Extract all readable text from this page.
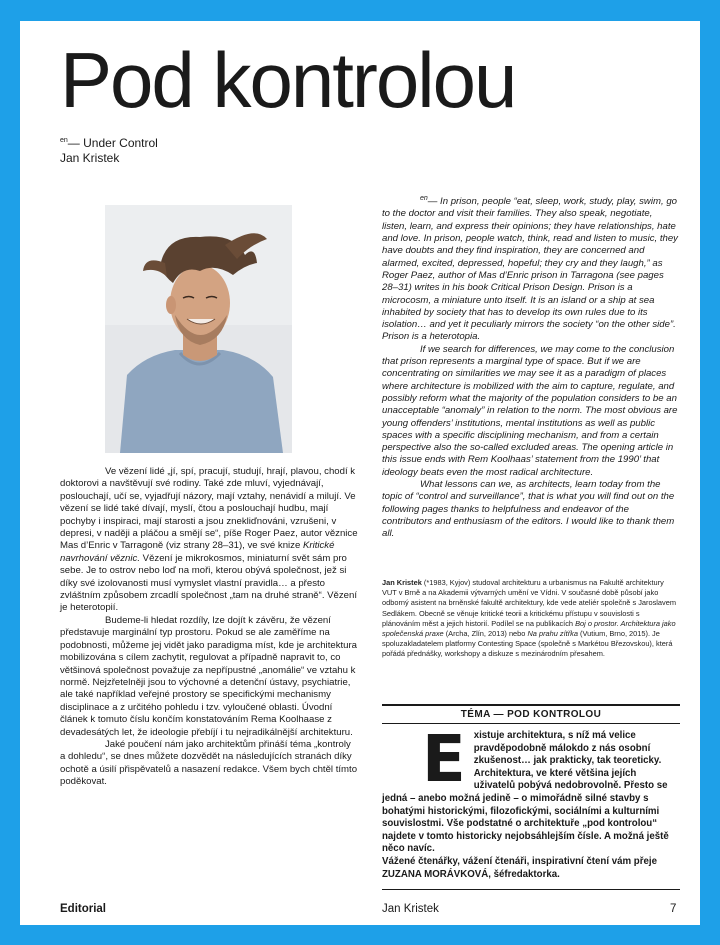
Pod kontrolou
$^{en}$— Under Control
Jan Kristek

Ve vězení lidé „jí, spí, pracují, studují, hrají, plavou, chodí k doktorovi a navštěvují své rodiny. Také zde mluví, vyjednávají, poslouchají, učí se, vyjadřují názory, mají vztahy, nenávidí a milují. Ve vězení se lidé také dívají, myslí, čtou a poslouchají hudbu, mají pochyby i inspiraci, mají starosti a jsou znekliďnováni, vzrušeni, v depresi, v naději a pláčou a smějí se“, píše Roger Paez, autor věznice Mas d’Enric v Tarragoně (viz strany 28–31), ve své knize Kritické navrhování věznic. Vězení je mikrokosmos, miniaturní svět sám pro sebe. Je to ostrov nebo loď na moři, kterou obývá společnost, jež si díky své izolovanosti musí vymyslet vlastní pravidla… a přesto zvláštním způsobem zrcadlí společnost „tam na druhé straně“. Vězení je heterotopií.

Budeme-li hledat rozdíly, lze dojít k závěru, že vězení představuje marginální typ prostoru. Pokud se ale zaměříme na podobnosti, můžeme jej vidět jako paradigma míst, kde je architektura mobilizována s cílem zachytit, regulovat a případně napravit to, co většinová společnost považuje za nepřípustné „anomálie“ ve vztahu k normě. Nejzřetelněji jsou to výchovné a detenční ústavy, psychiatrie, ale také například veřejné prostory se specifickými mechanismy disciplinace a z určitého pohledu i tzv. vyloučené oblasti. Úvodní článek k tomuto číslu končím konstatováním Rema Koolhaase z devadesátých let, že ideologie přebíjí i tu nejradikálnější architekturu.

Jaké poučení nám jako architektům přináší téma „kontroly a dohledu“, se dnes můžete dozvědět na následujících stranách díky ochotě a úsilí přispěvatelů a nasazení redakce. Všem bych chtěl tímto poděkovat.

$^{en}$— In prison, people “eat, sleep, work, study, play, swim, go to the doctor and visit their families. They also speak, negotiate, listen, learn, and express their opinions; they have relationships, hate and love. In prison, people watch, think, read and listen to music, they have doubts and they find inspiration, they are concerned and alarmed, excited, depressed, hopeful; they cry and they laugh,” as Roger Paez, author of Mas d’Enric prison in Tarragona (see pages 28–31) writes in his book Critical Prison Design. Prison is a microcosm, a miniature unto itself. It is an island or a ship at sea inhabited by society that has to develop its own rules due to its isolation… and yet it peculiarly mirrors the society “on the other side”. Prison is a heterotopia.

If we search for differences, we may come to the conclusion that prison represents a marginal type of space. But if we are concentrating on similarities we may see it as a paradigm of places where architecture is mobilized with the aim to capture, regulate, and possibly reform what the majority of the population considers to be an unacceptable “anomaly” in relation to the norm. The most obvious are young offenders’ institutions, mental institutions as well as public spaces with a specific disciplining mechanism, and from a certain perspective also the so-called excluded areas. The opening article in this issue ends with Rem Koolhaas’ statement from the 1990’ that ideology beats even the most radical architecture.

What lessons can we, as architects, learn today from the topic of “control and surveillance”, that is what you will find out on the following pages thanks to helpfulness and endeavor of the contributors and enthusiasm of the editors. I would like to thank them all.

Jan Kristek (*1983, Kyjov) studoval architekturu a urbanismus na Fakultě architektury VUT v Brně a na Akademii výtvarných umění ve Vídni. V současné době působí jako odborný asistent na brněnské fakultě architektury, kde vede ateliér společně s Jaroslavem Sedlákem. Obecně se věnuje kritické teorii a kritickému přístupu v souvislosti s plánováním měst a jejich historií. Podílel se na publikacích Boj o prostor. Architektura jako společenská praxe (Archa, Zlín, 2013) nebo Na prahu zítřka (Vutium, Brno, 2015). Je spoluzakladatelem platformy Contesting Space (společně s Markétou Březovskou), která pořádá přednášky, workshopy a diskuze s mezinárodním přesahem.
TÉMA — POD KONTROLOU
Existuje architektura, s níž má velice pravděpodobně málokdo z nás osobní zkušenost… jak prakticky, tak teoreticky. Architektura, ve které většina jejích uživatelů pobývá nedobrovolně. Přesto se jedná – anebo možná jedině – o mimořádně silné stavby s bohatými historickými, filozofickými, sociálními a kulturními souvislostmi. Vše podstatné o architektuře „pod kontrolou“ najdete v tomto historicky nejobsáhlejším čísle. A možná ještě něco navíc.
Vážené čtenářky, vážení čtenáři, inspirativní čtení vám přeje ZUZANA MORÁVKOVÁ, šéfredaktorka.
Editorial	Jan Kristek	7
